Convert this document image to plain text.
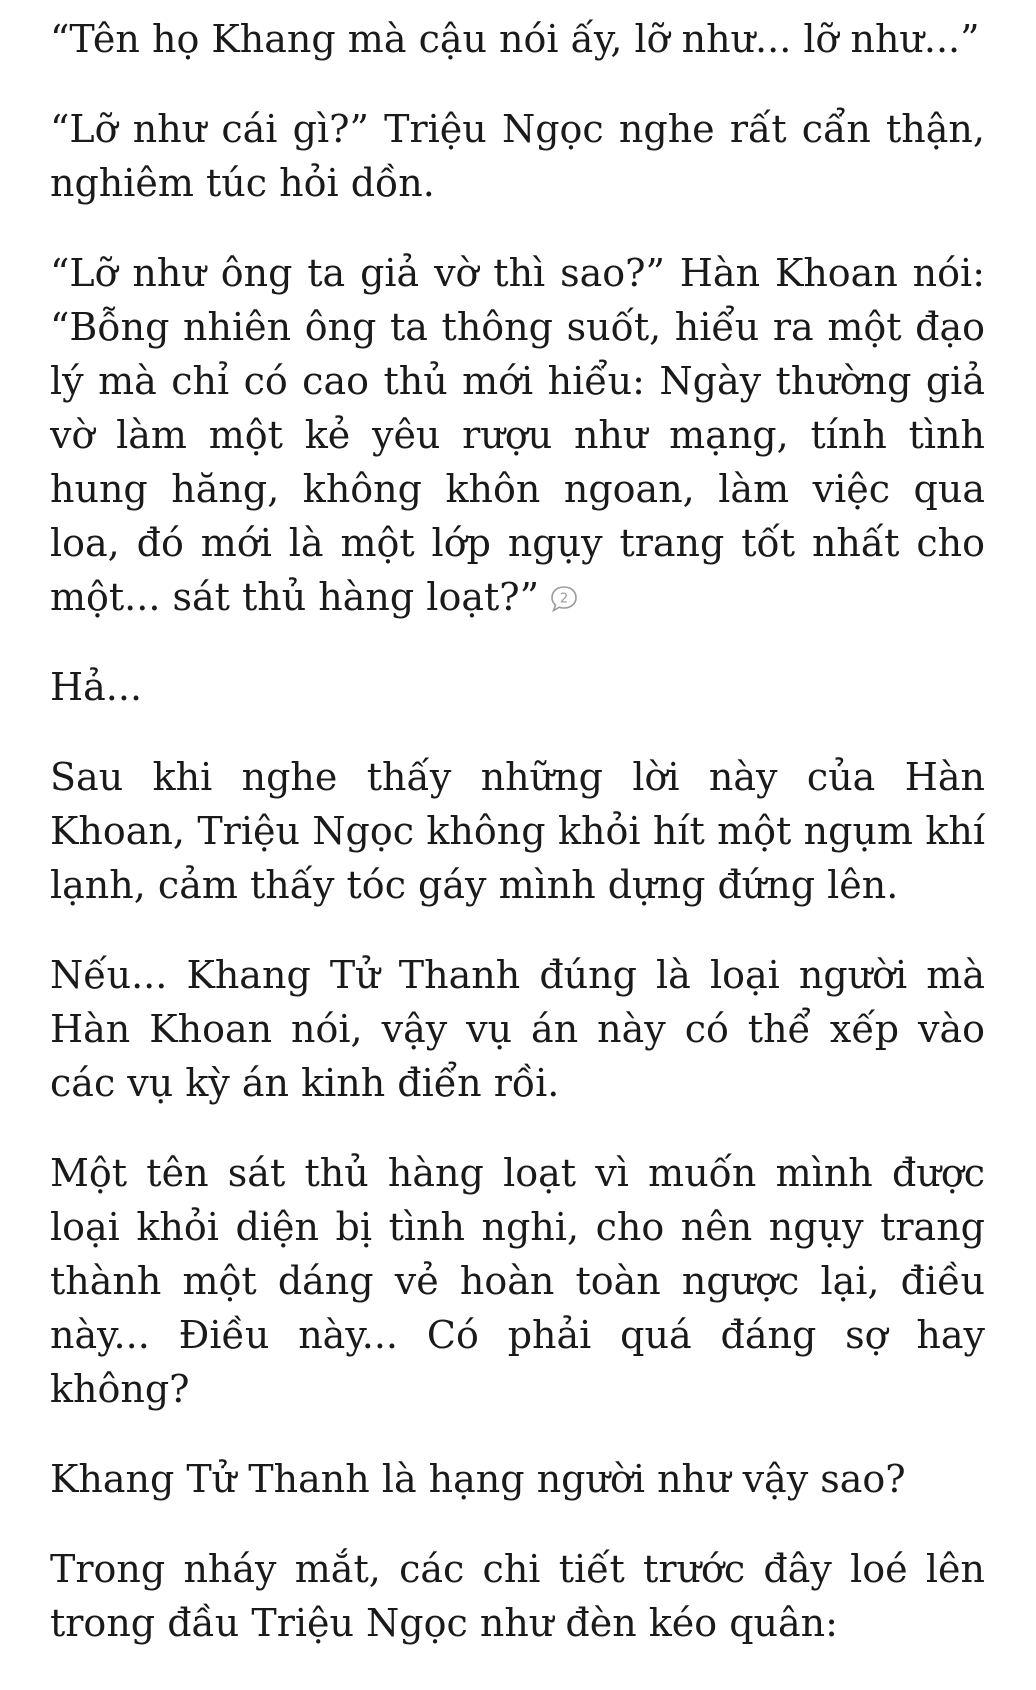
“Tên họ Khang mà cậu nói ấy, lỡ như... lỡ như...”

“Lỡ như cái gì?” Triệu Ngọc nghe rất cẩn thận, nghiêm túc hỏi dồn.

“Lỡ như ông ta giả vờ thì sao?” Hàn Khoan nói: “Bỗng nhiên ông ta thông suốt, hiểu ra một đạo lý mà chỉ có cao thủ mới hiểu: Ngày thường giả vờ làm một kẻ yêu rượu như mạng, tính tình hung hăng, không khôn ngoan, làm việc qua loa, đó mới là một lớp ngụy trang tốt nhất cho một... sát thủ hàng loạt?” 2

Hả...

Sau khi nghe thấy những lời này của Hàn Khoan, Triệu Ngọc không khỏi hít một ngụm khí lạnh, cảm thấy tóc gáy mình dựng đứng lên.

Nếu... Khang Tử Thanh đúng là loại người mà Hàn Khoan nói, vậy vụ án này có thể xếp vào các vụ kỳ án kinh điển rồi.

Một tên sát thủ hàng loạt vì muốn mình được loại khỏi diện bị tình nghi, cho nên ngụy trang thành một dáng vẻ hoàn toàn ngược lại, điều này... Điều này... Có phải quá đáng sợ hay không?

Khang Tử Thanh là hạng người như vậy sao?

Trong nháy mắt, các chi tiết trước đây loé lên trong đầu Triệu Ngọc như đèn kéo quân:
